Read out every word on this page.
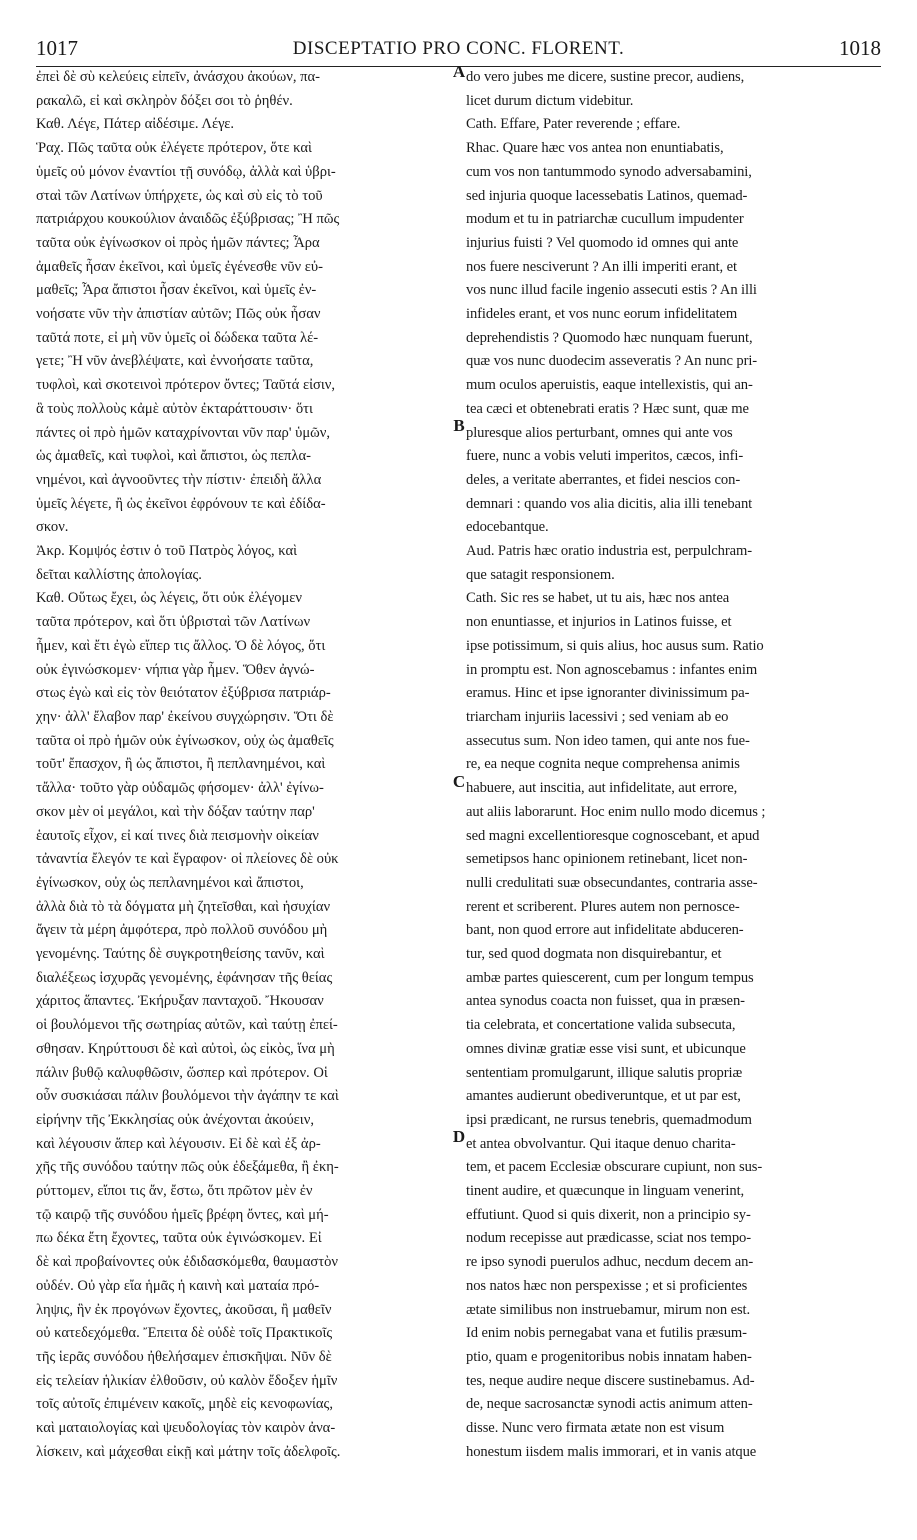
1017	DISCEPTATIO PRO CONC. FLORENT.	1018
ἐπεὶ δὲ σὺ κελεύεις εἰπεῖν, ἀνάσχου ἀκούων, πα-
ρακαλῶ, εἰ καὶ σκληρὸν δόξει σοι τὸ ῥηθέν.
Καθ. Λέγε, Πάτερ αἰδέσιμε. Λέγε.
Ῥαχ. Πῶς ταῦτα οὐκ ἐλέγετε πρότερον, ὅτε καὶ
ὑμεῖς οὐ μόνον ἐναντίοι τῇ συνόδῳ, ἀλλὰ καὶ ὑβρι-
σταὶ τῶν Λατίνων ὑπήρχετε, ὡς καὶ σὺ εἰς τὸ τοῦ
πατριάρχου κουκούλιον ἀναιδῶς ἐξύβρισας; Ἢ πῶς
ταῦτα οὐκ ἐγίνωσκον οἱ πρὸς ἡμῶν πάντες; Ἆρα
ἀμαθεῖς ἦσαν ἐκεῖνοι, καὶ ὑμεῖς ἐγένεσθε νῦν εὐ-
μαθεῖς; Ἆρα ἄπιστοι ἦσαν ἐκεῖνοι, καὶ ὑμεῖς ἐν-
νοήσατε νῦν τὴν ἀπιστίαν αὐτῶν; Πῶς οὐκ ἦσαν
ταῦτά ποτε, εἰ μὴ νῦν ὑμεῖς οἱ δώδεκα ταῦτα λέ-
γετε; Ἢ νῦν ἀνεβλέψατε, καὶ ἐννοήσατε ταῦτα,
τυφλοὶ, καὶ σκοτεινοὶ πρότερον ὄντες; Ταῦτά εἰσιν,
ἃ τοὺς πολλοὺς κἀμὲ αὐτὸν ἐκταράττουσιν· ὅτι
πάντες οἱ πρὸ ἡμῶν καταχρίνονται νῦν παρ' ὑμῶν,
ὡς ἀμαθεῖς, καὶ τυφλοὶ, καὶ ἄπιστοι, ὡς πεπλα-
νημένοι, καὶ ἀγνοοῦντες τὴν πίστιν· ἐπειδὴ ἄλλα
ὑμεῖς λέγετε, ἢ ὡς ἐκεῖνοι ἐφρόνουν τε καὶ ἐδίδα-
σκον.
Ἀκρ. Κομψός ἐστιν ὁ τοῦ Πατρὸς λόγος, καὶ
δεῖται καλλίστης ἀπολογίας.
Καθ. Οὕτως ἔχει, ὡς λέγεις, ὅτι οὐκ ἐλέγομεν
ταῦτα πρότερον, καὶ ὅτι ὑβρισταὶ τῶν Λατίνων
ἦμεν, καὶ ἔτι ἐγὼ εἴπερ τις ἄλλος. Ὁ δὲ λόγος, ὅτι
οὐκ ἐγινώσκομεν· νήπια γὰρ ἦμεν. Ὅθεν ἀγνώ-
στως ἐγὼ καὶ εἰς τὸν θειότατον ἐξύβρισα πατριάρ-
χην· ἀλλ' ἔλαβον παρ' ἐκείνου συγχώρησιν. Ὅτι δὲ
ταῦτα οἱ πρὸ ἡμῶν οὐκ ἐγίνωσκον, οὐχ ὡς ἀμαθεῖς
τοῦτ' ἔπασχον, ἢ ὡς ἄπιστοι, ἢ πεπλανημένοι, καὶ
τἄλλα· τοῦτο γὰρ οὐδαμῶς φήσομεν· ἀλλ' ἐγίνω-
σκον μὲν οἱ μεγάλοι, καὶ τὴν δόξαν ταύτην παρ'
ἑαυτοῖς εἶχον, εἰ καί τινες διὰ πεισμονὴν οἰκείαν
τἀναντία ἔλεγόν τε καὶ ἔγραφον· οἱ πλείονες δὲ οὐκ
ἐγίνωσκον, οὐχ ὡς πεπλανημένοι καὶ ἄπιστοι,
ἀλλὰ διὰ τὸ τὰ δόγματα μὴ ζητεῖσθαι, καὶ ἡσυχίαν
ἄγειν τὰ μέρη ἀμφότερα, πρὸ πολλοῦ συνόδου μὴ
γενομένης. Ταύτης δὲ συγκροτηθείσης τανῦν, καὶ
διαλέξεως ἰσχυρᾶς γενομένης, ἐφάνησαν τῆς θείας
χάριτος ἅπαντες. Ἐκήρυξαν πανταχοῦ. Ἤκουσαν
οἱ βουλόμενοι τῆς σωτηρίας αὐτῶν, καὶ ταύτῃ ἐπεί-
σθησαν. Κηρύττουσι δὲ καὶ αὐτοὶ, ὡς εἰκὸς, ἵνα μὴ
πάλιν βυθῷ καλυφθῶσιν, ὥσπερ καὶ πρότερον. Οἱ
οὖν συσκιάσαι πάλιν βουλόμενοι τὴν ἀγάπην τε καὶ
εἰρήνην τῆς Ἐκκλησίας οὐκ ἀνέχονται ἀκούειν,
καὶ λέγουσιν ἅπερ καὶ λέγουσιν. Εἰ δὲ καὶ ἐξ ἀρ-
χῆς τῆς συνόδου ταύτην πῶς οὐκ ἐδεξάμεθα, ἢ ἐκη-
ρύττομεν, εἴποι τις ἄν, ἔστω, ὅτι πρῶτον μὲν ἐν
τῷ καιρῷ τῆς συνόδου ἡμεῖς βρέφη ὄντες, καὶ μή-
πω δέκα ἔτη ἔχοντες, ταῦτα οὐκ ἐγινώσκομεν. Εἰ
δὲ καὶ προβαίνοντες οὐκ ἐδιδασκόμεθα, θαυμαστὸν
οὐδέν. Οὐ γὰρ εἴα ἡμᾶς ἡ καινὴ καὶ ματαία πρό-
ληψις, ἣν ἐκ προγόνων ἔχοντες, ἀκοῦσαι, ἢ μαθεῖν
οὐ κατεδεχόμεθα. Ἔπειτα δὲ οὐδὲ τοῖς Πρακτικοῖς
τῆς ἱερᾶς συνόδου ἠθελήσαμεν ἐπισκῆψαι. Νῦν δὲ
εἰς τελείαν ἡλικίαν ἐλθοῦσιν, οὐ καλὸν ἔδοξεν ἡμῖν
τοῖς αὐτοῖς ἐπιμένειν κακοῖς, μηδὲ εἰς κενοφωνίας,
καὶ ματαιολογίας καὶ ψευδολογίας τὸν καιρὸν ἀνα-
λίσκειν, καὶ μάχεσθαι εἰκῇ καὶ μάτην τοῖς ἀδελφοῖς.
do vero jubes me dicere, sustine precor, audiens,
licet durum dictum videbitur.
Cath. Effare, Pater reverende ; effare.
Rhac. Quare hæc vos antea non enuntiabatis,
cum vos non tantummodo synodo adversabamini,
sed injuria quoque lacessebatis Latinos, quemad-
modum et tu in patriarchæ cucullum impudenter
injurius fuisti ? Vel quomodo id omnes qui ante
nos fuere nesciverunt ? An illi imperiti erant, et
vos nunc illud facile ingenio assecuti estis ? An illi
infideles erant, et vos nunc eorum infidelitatem
deprehendistis ? Quomodo hæc nunquam fuerunt,
quæ vos nunc duodecim asseveratis ? An nunc pri-
mum oculos aperuistis, eaque intellexistis, qui an-
tea cæci et obtenebrati eratis ? Hæc sunt, quæ me
pluresque alios perturbant, omnes qui ante vos
fuere, nunc a vobis veluti imperitos, cæcos, infi-
deles, a veritate aberrantes, et fidei nescios con-
demnari : quando vos alia dicitis, alia illi tenebant
edocebantque.
Aud. Patris hæc oratio industria est, perpulchram-
que satagit responsionem.
Cath. Sic res se habet, ut tu ais, hæc nos antea
non enuntiasse, et injurios in Latinos fuisse, et
ipse potissimum, si quis alius, hoc ausus sum. Ratio
in promptu est. Non agnoscebamus : infantes enim
eramus. Hinc et ipse ignoranter divinissimum pa-
triarcham injuriis lacessivi ; sed veniam ab eo
assecutus sum. Non ideo tamen, qui ante nos fue-
re, ea neque cognita neque comprehensa animis
habuere, aut inscitia, aut infidelitate, aut errore,
aut aliis laborarunt. Hoc enim nullo modo dicemus ;
sed magni excellentioresque cognoscebant, et apud
semetipsos hanc opinionem retinebant, licet non-
nulli credulitati suæ obsecundantes, contraria asse-
rerent et scriberent. Plures autem non pernosce-
bant, non quod errore aut infidelitate abduceren-
tur, sed quod dogmata non disquirebantur, et
ambæ partes quiescerent, cum per longum tempus
antea synodus coacta non fuisset, qua in præsen-
tia celebrata, et concertatione valida subsecuta,
omnes divinæ gratiæ esse visi sunt, et ubicunque
sententiam promulgarunt, illique salutis propriæ
amantes audierunt obediveruntque, et ut par est,
ipsi prædicant, ne rursus tenebris, quemadmodum
et antea obvolvantur. Qui itaque denuo charita-
tem, et pacem Ecclesiæ obscurare cupiunt, non sus-
tinent audire, et quæcunque in linguam venerint,
effutiunt. Quod si quis dixerit, non a principio sy-
nodum recepisse aut prædicasse, sciat nos tempo-
re ipso synodi puerulos adhuc, necdum decem an-
nos natos hæc non perspexisse ; et si proficientes
ætate similibus non instruebamur, mirum non est.
Id enim nobis pernegabat vana et futilis præsum-
ptio, quam e progenitoribus nobis innatam haben-
tes, neque audire neque discere sustinebamus. Ad-
de, neque sacrosanctæ synodi actis animum atten-
disse. Nunc vero firmata ætate non est visum
honestum iisdem malis immorari, et in vanis atque
A
B
C
D
